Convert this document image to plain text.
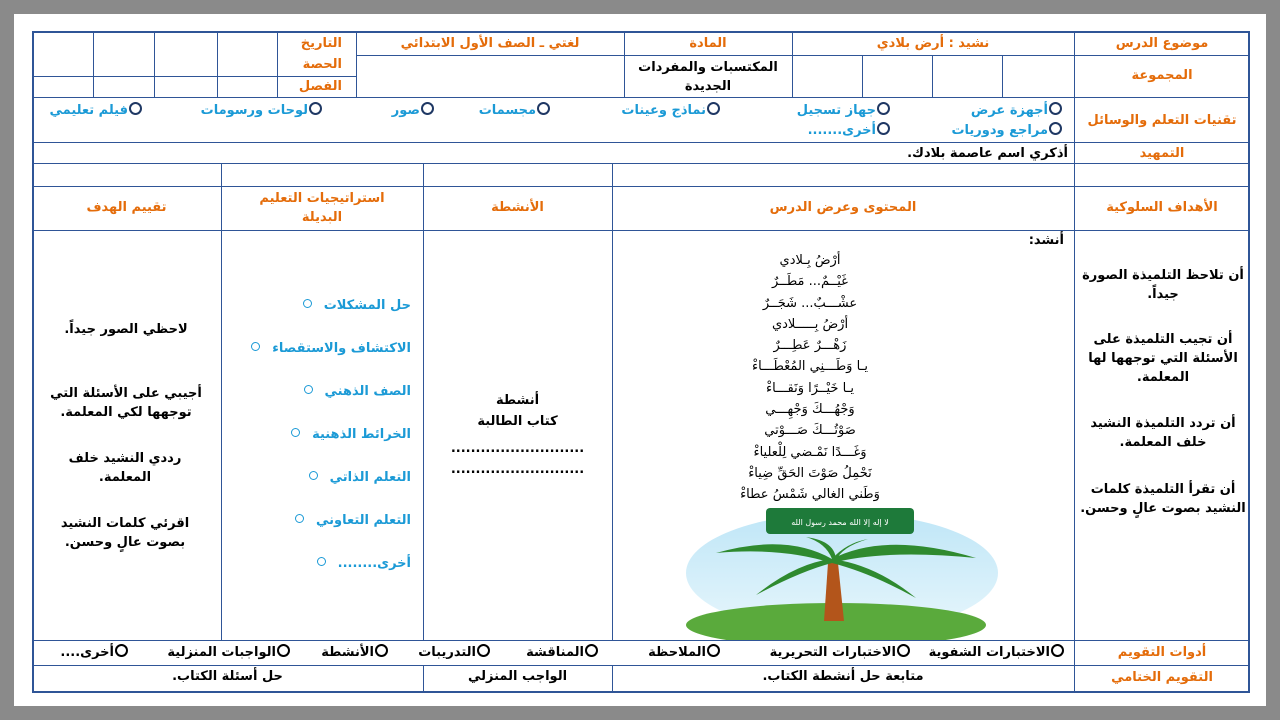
موضوع الدرس
نشيد : أرض بلادي
المادة
لغتي ـ الصف الأول الابتدائي
التاريخ
الحصة
الفصل
المجموعة
المكتسبات والمفردات الجديدة
تقنيات التعلم والوسائل
أجهزة عرض
جهاز تسجيل
نماذج وعينات
مجسمات
صور
لوحات ورسومات
فيلم تعليمي
مراجع ودوريات
أخرى.......
التمهيد
أذكري اسم عاصمة بلادك.
الأهداف السلوكية
المحتوى وعرض الدرس
الأنشطة
استراتيجيات التعليم البديلة
تقييم الهدف
أن تلاحظ التلميذة الصورة جيداً.
أن تجيب التلميذة على الأسئلة التي توجهها لها المعلمة.
أن تردد التلميذة النشيد خلف المعلمة.
أن تقرأ التلميذة كلمات النشيد بصوت عالٍ وحسن.
أنشد:
أرْضُ بِـلادي
غَيْــمٌ... مَطَــرٌ
عشْـــبٌ... شَجَــرٌ
أرْضُ بِـــــلادي
زَهْـــرٌ عَطِـــرٌ
يـا وَطَـــنِي المُعْطَـــاءْ
يـا خَيْــرًا وَنَقـــاءْ
وَجْهُـــكَ وَجْهِـــي
صَوْتُـــكَ صَـــوْتي
وَغَـــدًا نَمْـضي لِلْعلياءْ
نَحْمِلُ صَوْتَ الحَقِّ ضِياءْ
وَطَني الغالي شَمْسُ عطاءْ
لا إله إلا الله محمد رسول الله
أنشطة
كتاب الطالبة
...........................
...........................
حل المشكلات
الاكتشاف والاستقصاء
الصف الذهني
الخرائط الذهنية
التعلم الذاتي
التعلم التعاوني
أخرى........
لاحظي الصور جيداً.
أجيبي على الأسئلة التي توجهها لكي المعلمة.
رددي النشيد خلف المعلمة.
اقرئي كلمات النشيد بصوت عالٍ وحسن.
أدوات التقويم
الاختبارات الشفوية
الاختبارات التحريرية
الملاحظة
المناقشة
التدريبات
الأنشطة
الواجبات المنزلية
أخرى....
التقويم الختامي
متابعة حل أنشطة الكتاب.
الواجب المنزلي
حل أسئلة الكتاب.
